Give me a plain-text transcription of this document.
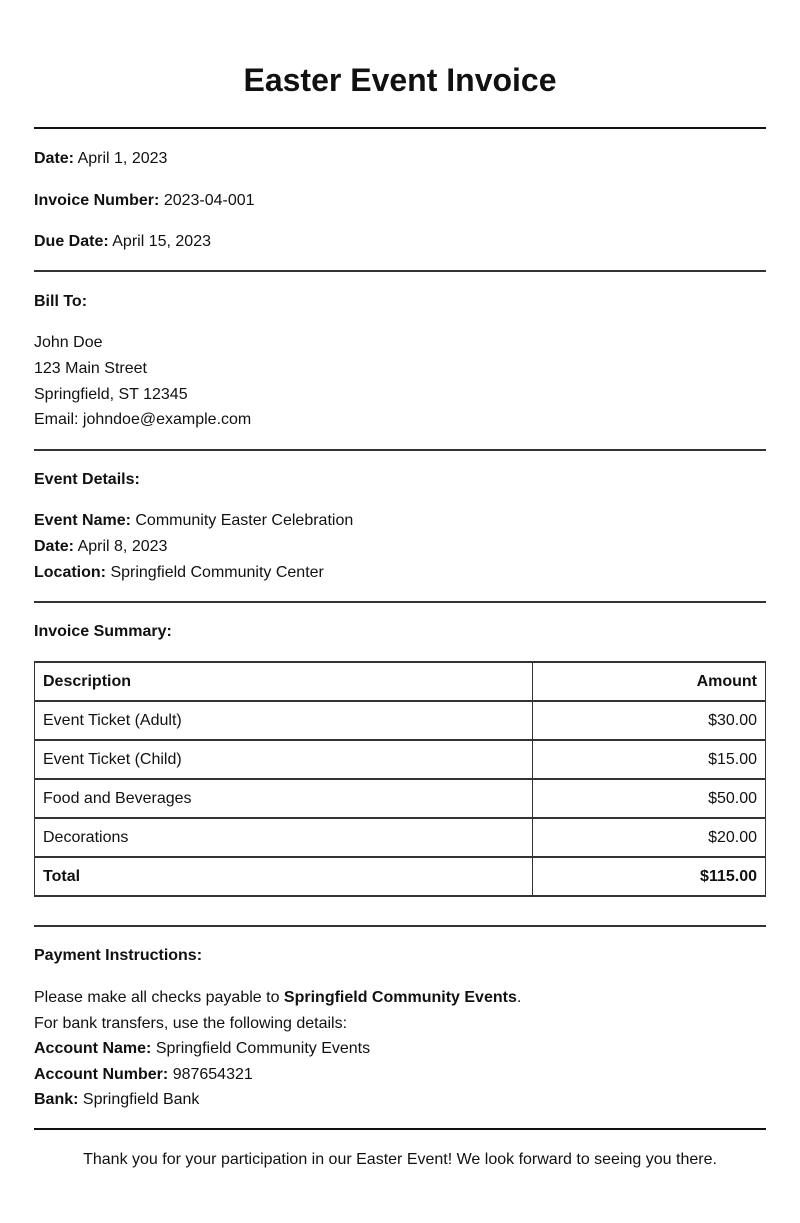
Easter Event Invoice
Date: April 1, 2023
Invoice Number: 2023-04-001
Due Date: April 15, 2023
Bill To:
John Doe
123 Main Street
Springfield, ST 12345
Email: johndoe@example.com
Event Details:
Event Name: Community Easter Celebration
Date: April 8, 2023
Location: Springfield Community Center
Invoice Summary:
Description	Amount
Event Ticket (Adult)	$30.00
Event Ticket (Child)	$15.00
Food and Beverages	$50.00
Decorations	$20.00
Total	$115.00
Payment Instructions:
Please make all checks payable to Springfield Community Events.
For bank transfers, use the following details:
Account Name: Springfield Community Events
Account Number: 987654321
Bank: Springfield Bank
Thank you for your participation in our Easter Event! We look forward to seeing you there.
